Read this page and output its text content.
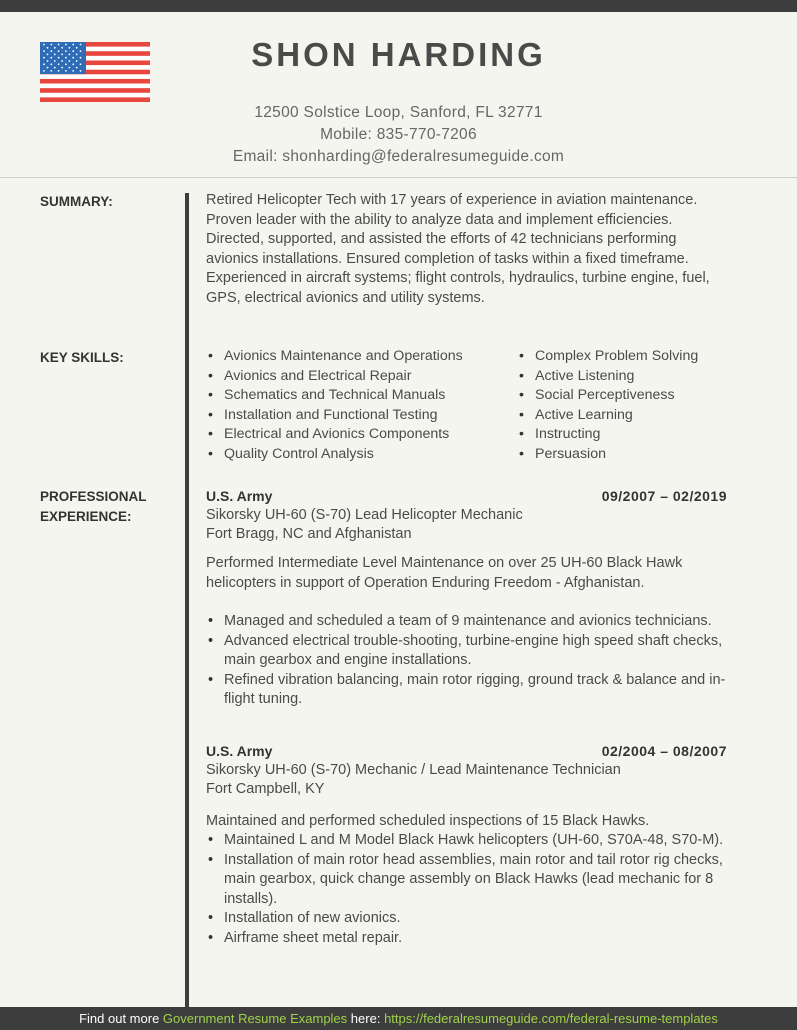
SHON HARDING
12500 Solstice Loop, Sanford, FL 32771
Mobile: 835-770-7206
Email: shonharding@federalresumeguide.com
SUMMARY:	Retired Helicopter Tech with 17 years of experience in aviation maintenance. Proven leader with the ability to analyze data and implement efficiencies. Directed, supported, and assisted the efforts of 42 technicians performing avionics installations. Ensured completion of tasks within a fixed timeframe. Experienced in aircraft systems; flight controls, hydraulics, turbine engine, fuel, GPS, electrical avionics and utility systems.

KEY SKILLS:
•	Avionics Maintenance and Operations
• Avionics and Electrical Repair
• Schematics and Technical Manuals
• Installation and Functional Testing
• Electrical and Avionics Components
• Quality Control Analysis
• Complex Problem Solving
• Active Listening
• Social Perceptiveness
• Active Learning
• Instructing
• Persuasion
PROFESSIONAL
EXPERIENCE:
U.S. Army	09/2007 – 02/2019
Sikorsky UH-60 (S-70) Lead Helicopter Mechanic
Fort Bragg, NC and Afghanistan

Performed Intermediate Level Maintenance on over 25 UH-60 Black Hawk helicopters in support of Operation Enduring Freedom - Afghanistan.

• Managed and scheduled a team of 9 maintenance and avionics technicians.
• Advanced electrical trouble-shooting, turbine-engine high speed shaft checks, main gearbox and engine installations.
• Refined vibration balancing, main rotor rigging, ground track & balance and in-flight tuning.
U.S. Army	02/2004 – 08/2007
Sikorsky UH-60 (S-70) Mechanic / Lead Maintenance Technician
Fort Campbell, KY

Maintained and performed scheduled inspections of 15 Black Hawks.

• Maintained L and M Model Black Hawk helicopters (UH-60, S70A-48, S70-M).
• Installation of main rotor head assemblies, main rotor and tail rotor rig checks, main gearbox, quick change assembly on Black Hawks (lead mechanic for 8 installs).
• Installation of new avionics.
• Airframe sheet metal repair.
Find out more Government Resume Examples here: https://federalresumeguide.com/federal-resume-templates
